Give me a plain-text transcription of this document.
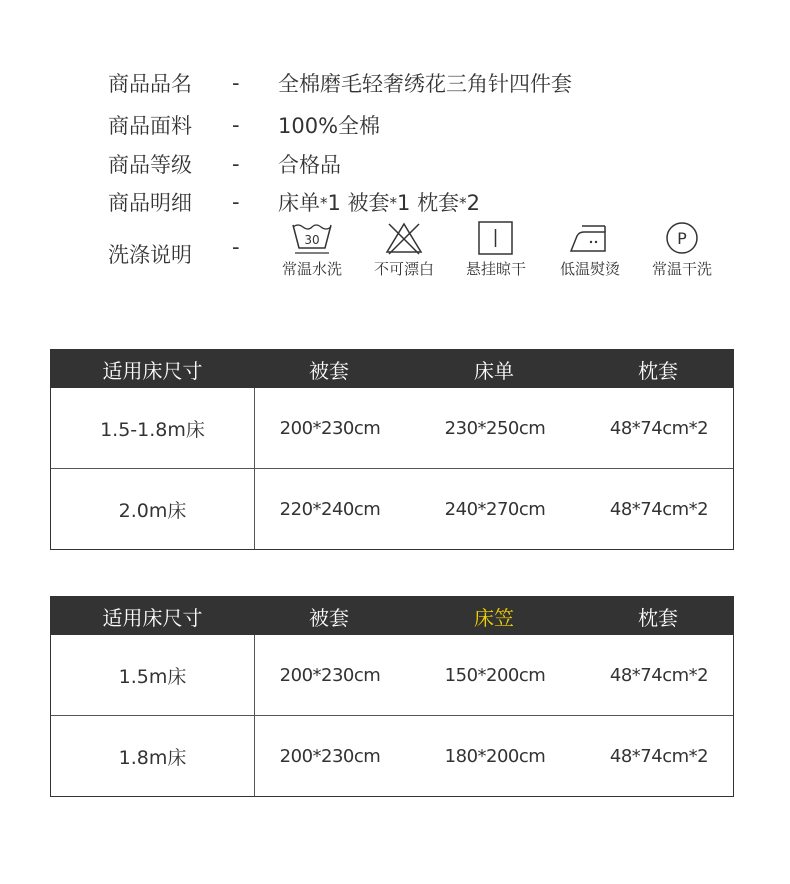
商品品名	-	全棉磨毛轻奢绣花三角针四件套
商品面料	-	100%全棉
商品等级	-	合格品
商品明细	-	床单*1 被套*1 枕套*2
洗涤说明 -	30
常温水洗	不可漂白	悬挂晾干	低温熨烫
P
常温干洗
适用床尺寸	被套	床单	枕套
1.5-1.8m床	200*230cm	230*250cm	48*74cm*2
2.0m床	220*240cm	240*270cm	48*74cm*2
适用床尺寸	被套	床笠	枕套
1.5m床	200*230cm	150*200cm	48*74cm*2
1.8m床	200*230cm	180*200cm	48*74cm*2
